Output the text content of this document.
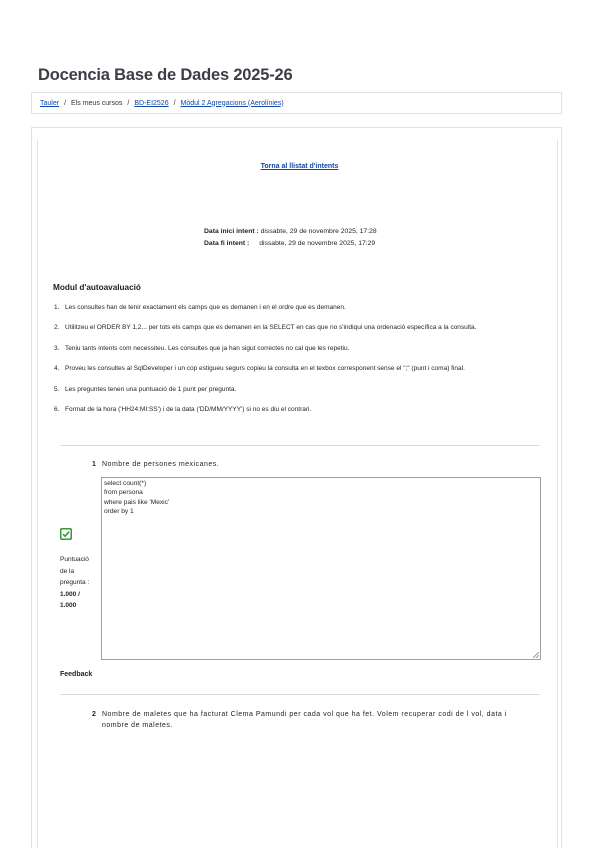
Docencia Base de Dades 2025-26
Tauler / Els meus cursos / BD-EI2526 / Mòdul 2 Agregacions (Aerolínies)
Torna al llistat d'intents
Data inici intent : dissabte, 29 de novembre 2025, 17:28
Data fi intent : dissabte, 29 de novembre 2025, 17:29
Modul d'autoavaluació
1. Les consultes han de tenir exactament els camps que es demanen i en el ordre que es demanen.
2. Utilitzeu el ORDER BY 1,2... per tots els camps que es demanen en la SELECT en cas que no s'indiqui una ordenació específica a la consulta.
3. Teniu tants intents com necessiteu. Les consultes que ja han sigut correctes no cal que les repetiu.
4. Proveu les consultes al SqlDeveloper i un cop estigueu segurs copieu la consulta en el texbox corresponent sense el ";" (punt i coma) final.
5. Les preguntes tenen una puntuació de 1 punt per pregunta.
6. Format de la hora ('HH24:MI:SS') i de la data ('DD/MM/YYYY') si no es diu el contrari.
1 Nombre de persones mexicanes.
select count(*)
from persona
where pais like 'Mexic'
order by 1
Puntuació
de la
pregunta :
1.000 /
1.000
Feedback
2 Nombre de maletes que ha facturat Clema Pamundi per cada vol que ha fet. Volem recuperar codi de l vol, data i
nombre de maletes.
